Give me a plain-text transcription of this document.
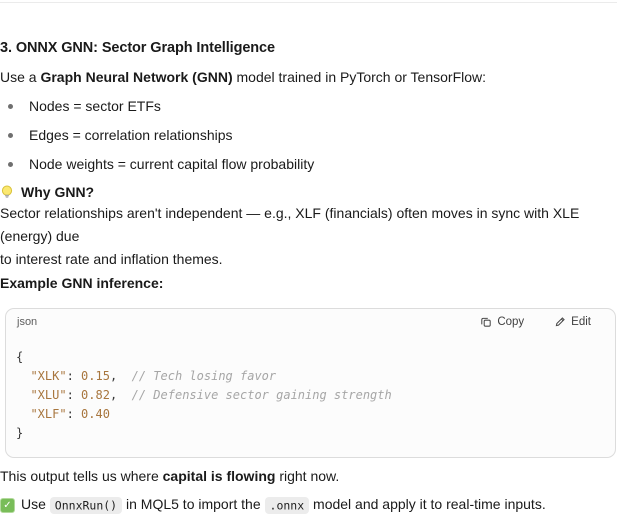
3. ONNX GNN: Sector Graph Intelligence

Use a Graph Neural Network (GNN) model trained in PyTorch or TensorFlow:

Nodes = sector ETFs
Edges = correlation relationships
Node weights = current capital flow probability

Why GNN?

Sector relationships aren't independent — e.g., XLF (financials) often moves in sync with XLE (energy) due
to interest rate and inflation themes.

Example GNN inference:

json	Copy	Edit
{
"XLK": 0.15,  // Tech losing favor
"XLU": 0.82,  // Defensive sector gaining strength
"XLF": 0.40
}

This output tells us where capital is flowing right now.

✓ Use OnnxRun() in MQL5 to import the .onnx model and apply it to real-time inputs.
